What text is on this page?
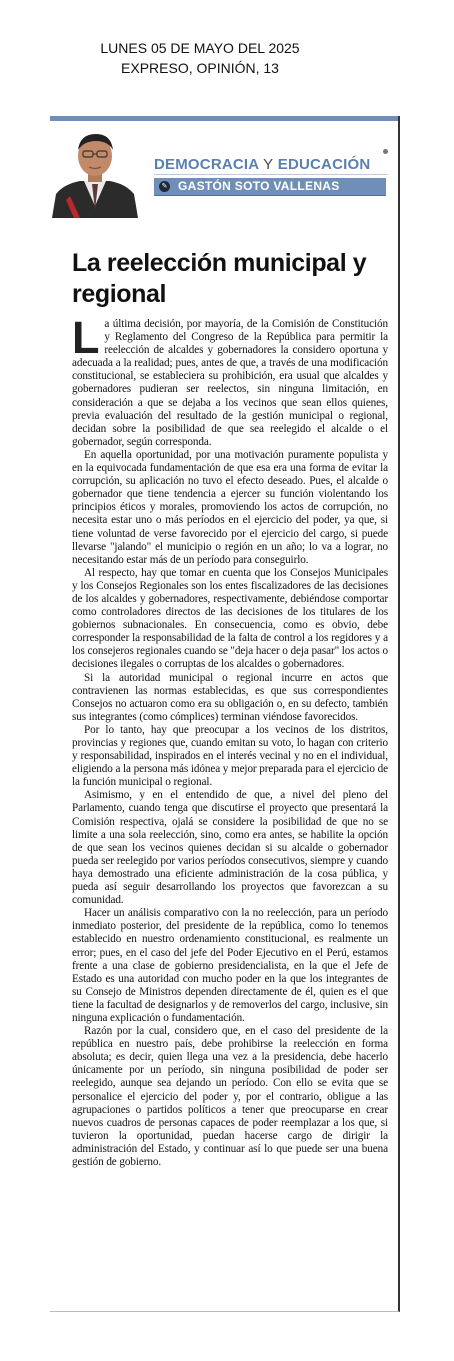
LUNES 05 DE MAYO DEL 2025
EXPRESO, OPINIÓN, 13
DEMOCRACIA Y EDUCACIÓN
✎ GASTÓN SOTO VALLENAS
La reelección municipal y regional

La última decisión, por mayoría, de la Comisión de Constitución y Reglamento del Congreso de la República para permitir la reelección de alcaldes y gobernadores la considero oportuna y adecuada a la realidad; pues, antes de que, a través de una modificación constitucional, se estableciera su prohibición, era usual que alcaldes y gobernadores pudieran ser reelectos, sin ninguna limitación, en consideración a que se dejaba a los vecinos que sean ellos quienes, previa evaluación del resultado de la gestión municipal o regional, decidan sobre la posibilidad de que sea reelegido el alcalde o el gobernador, según corresponda.

En aquella oportunidad, por una motivación puramente populista y en la equivocada fundamentación de que esa era una forma de evitar la corrupción, su aplicación no tuvo el efecto deseado. Pues, el alcalde o gobernador que tiene tendencia a ejercer su función violentando los principios éticos y morales, promoviendo los actos de corrupción, no necesita estar uno o más períodos en el ejercicio del poder, ya que, si tiene voluntad de verse favorecido por el ejercicio del cargo, si puede llevarse "jalando" el municipio o región en un año; lo va a lograr, no necesitando estar más de un período para conseguirlo.

Al respecto, hay que tomar en cuenta que los Consejos Municipales y los Consejos Regionales son los entes fiscalizadores de las decisiones de los alcaldes y gobernadores, respectivamente, debiéndose comportar como controladores directos de las decisiones de los titulares de los gobiernos subnacionales. En consecuencia, como es obvio, debe corresponder la responsabilidad de la falta de control a los regidores y a los consejeros regionales cuando se "deja hacer o deja pasar" los actos o decisiones ilegales o corruptas de los alcaldes o gobernadores.

Si la autoridad municipal o regional incurre en actos que contravienen las normas establecidas, es que sus correspondientes Consejos no actuaron como era su obligación o, en su defecto, también sus integrantes (como cómplices) terminan viéndose favorecidos.

Por lo tanto, hay que preocupar a los vecinos de los distritos, provincias y regiones que, cuando emitan su voto, lo hagan con criterio y responsabilidad, inspirados en el interés vecinal y no en el individual, eligiendo a la persona más idónea y mejor preparada para el ejercicio de la función municipal o regional.

Asimismo, y en el entendido de que, a nivel del pleno del Parlamento, cuando tenga que discutirse el proyecto que presentará la Comisión respectiva, ojalá se considere la posibilidad de que no se limite a una sola reelección, sino, como era antes, se habilite la opción de que sean los vecinos quienes decidan si su alcalde o gobernador pueda ser reelegido por varios períodos consecutivos, siempre y cuando haya demostrado una eficiente administración de la cosa pública, y pueda así seguir desarrollando los proyectos que favorezcan a su comunidad.

Hacer un análisis comparativo con la no reelección, para un período inmediato posterior, del presidente de la república, como lo tenemos establecido en nuestro ordenamiento constitucional, es realmente un error; pues, en el caso del jefe del Poder Ejecutivo en el Perú, estamos frente a una clase de gobierno presidencialista, en la que el Jefe de Estado es una autoridad con mucho poder en la que los integrantes de su Consejo de Ministros dependen directamente de él, quien es el que tiene la facultad de designarlos y de removerlos del cargo, inclusive, sin ninguna explicación o fundamentación.

Razón por la cual, considero que, en el caso del presidente de la república en nuestro país, debe prohibirse la reelección en forma absoluta; es decir, quien llega una vez a la presidencia, debe hacerlo únicamente por un período, sin ninguna posibilidad de poder ser reelegido, aunque sea dejando un período. Con ello se evita que se personalice el ejercicio del poder y, por el contrario, obligue a las agrupaciones o partidos políticos a tener que preocuparse en crear nuevos cuadros de personas capaces de poder reemplazar a los que, si tuvieron la oportunidad, puedan hacerse cargo de dirigir la administración del Estado, y continuar así lo que puede ser una buena gestión de gobierno.
